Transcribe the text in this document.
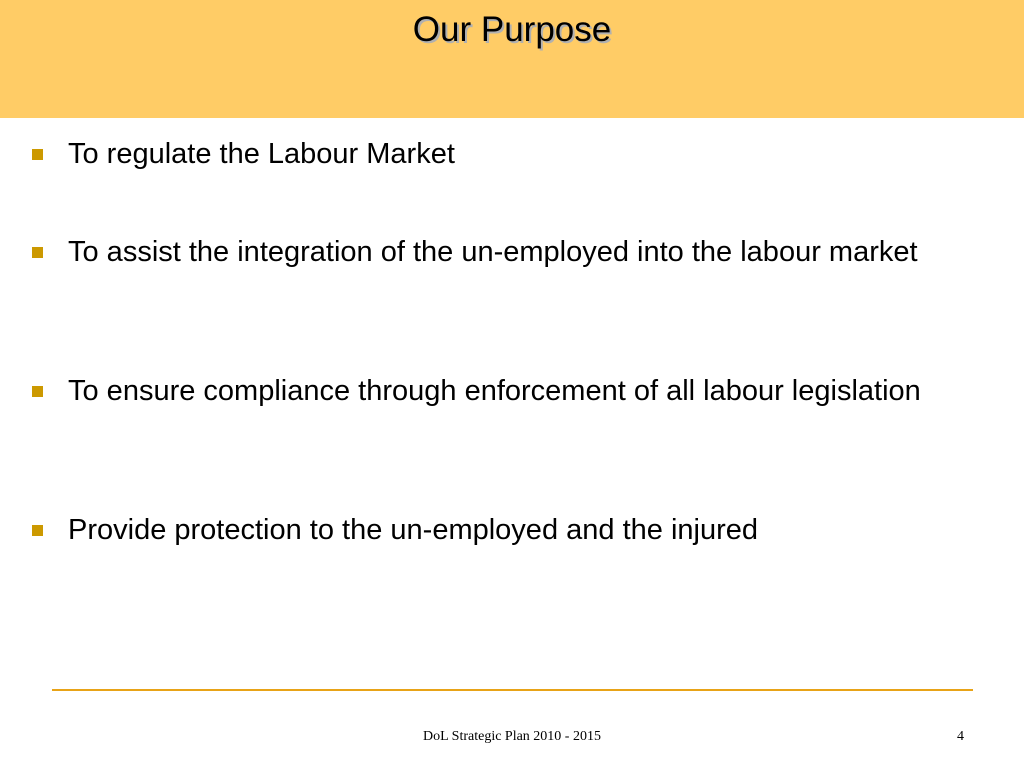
Our Purpose
To regulate the Labour Market
To assist the integration of the un-employed into the labour market
To ensure compliance through enforcement of all labour legislation
Provide protection to the un-employed and the injured
DoL Strategic Plan 2010 - 2015	4
